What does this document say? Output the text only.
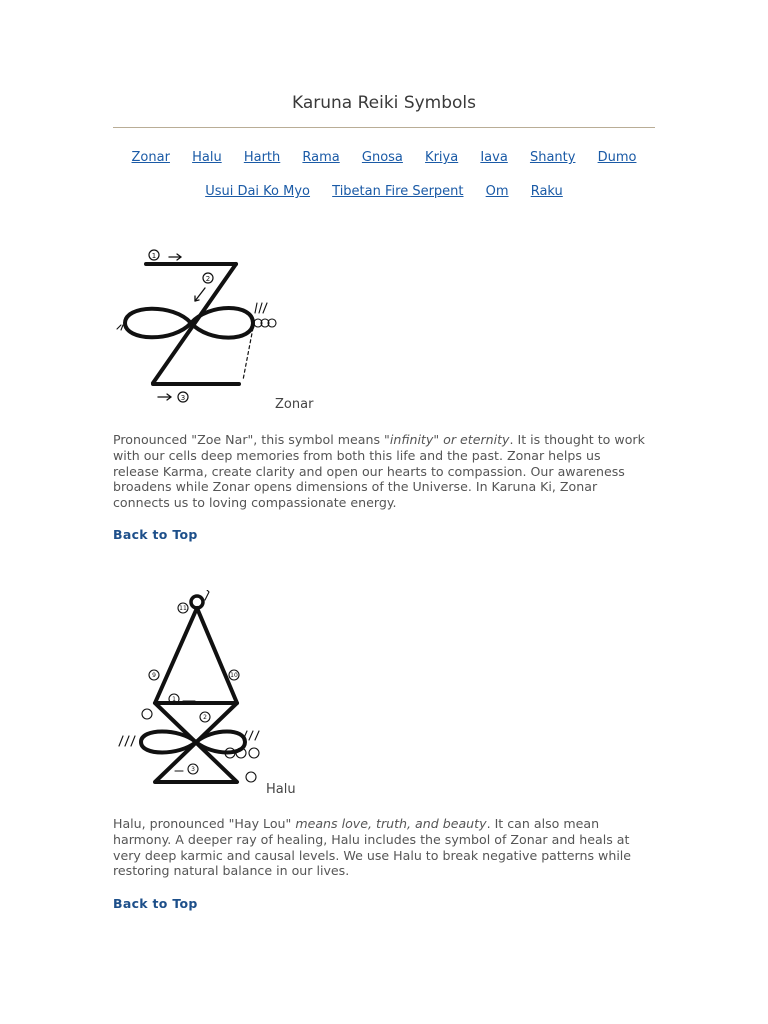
Karuna Reiki Symbols
Zonar Halu Harth Rama Gnosa Kriya Iava Shanty Dumo
Usui Dai Ko Myo Tibetan Fire Serpent Om Raku
1
2
3	Zonar
Pronounced "Zoe Nar", this symbol means "infinity" or eternity. It is thought to work
with our cells deep memories from both this life and the past. Zonar helps us
release Karma, create clarity and open our hearts to compassion. Our awareness
broadens while Zonar opens dimensions of the Universe. In Karuna Ki, Zonar
connects us to loving compassionate energy.
Back to Top
11
9	10
1
2
3
Halu
Halu, pronounced "Hay Lou" means love, truth, and beauty. It can also mean
harmony. A deeper ray of healing, Halu includes the symbol of Zonar and heals at
very deep karmic and causal levels. We use Halu to break negative patterns while
restoring natural balance in our lives.
Back to Top
